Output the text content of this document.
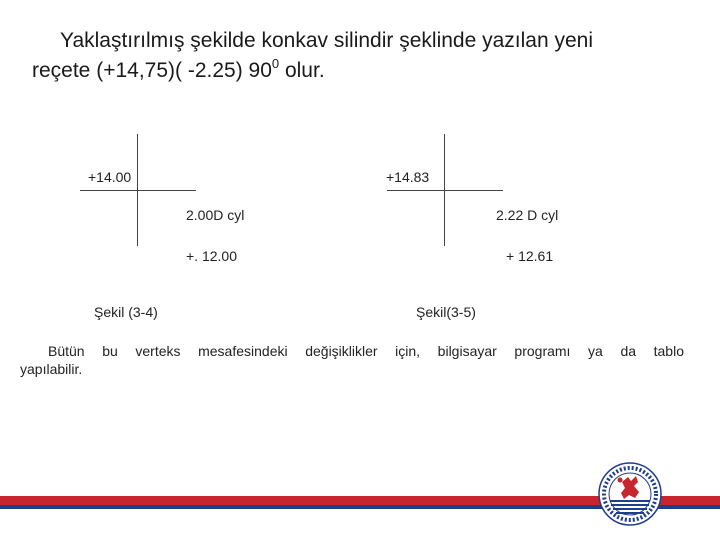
Yaklaştırılmış şekilde konkav silindir şeklinde yazılan yeni
reçete (+14,75)( -2.25) $90^0$ olur.
+14.00
2.00D cyl
+. 12.00
Şekil (3-4)
+14.83
2.22 D cyl
+ 12.61
Şekil(3-5)
Bütün bu verteks mesafesindeki değişiklikler için, bilgisayar programı ya da tablo
yapılabilir.
